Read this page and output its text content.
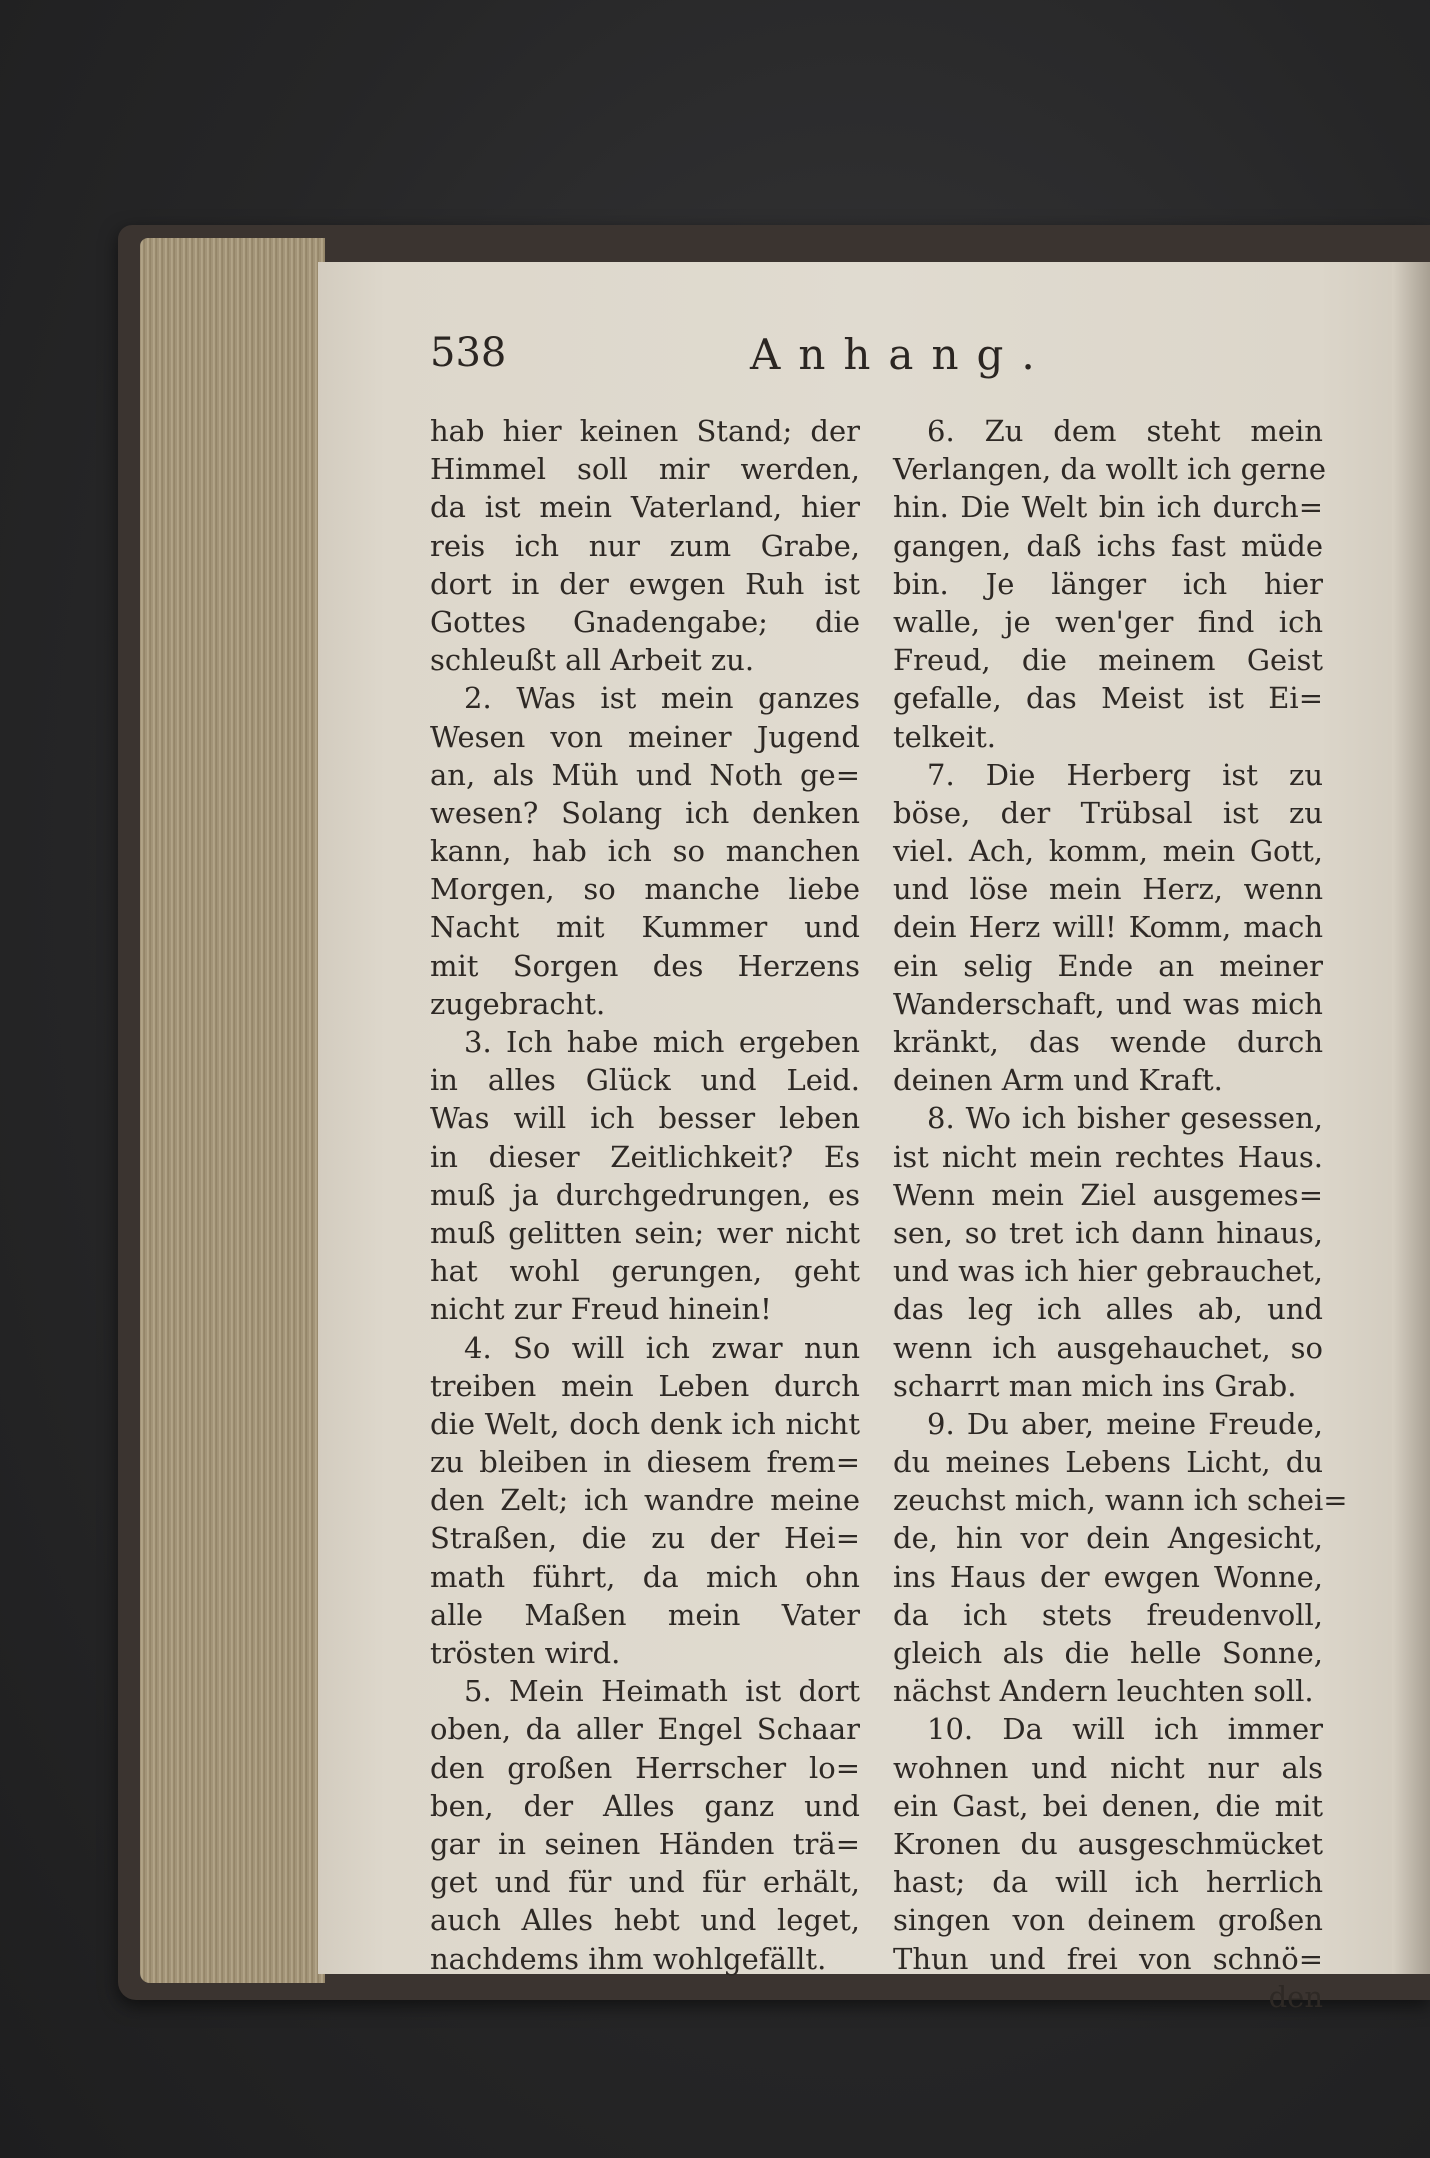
538	Anhang.
hab hier keinen Stand; der
Himmel soll mir werden,
da ist mein Vaterland, hier
reis ich nur zum Grabe,
dort in der ewgen Ruh ist
Gottes Gnadengabe; die
schleußt all Arbeit zu.
2. Was ist mein ganzes
Wesen von meiner Jugend
an, als Müh und Noth ge=
wesen? Solang ich denken
kann, hab ich so manchen
Morgen, so manche liebe
Nacht mit Kummer und
mit Sorgen des Herzens
zugebracht.
3. Ich habe mich ergeben
in alles Glück und Leid.
Was will ich besser leben
in dieser Zeitlichkeit? Es
muß ja durchgedrungen, es
muß gelitten sein; wer nicht
hat wohl gerungen, geht
nicht zur Freud hinein!
4. So will ich zwar nun
treiben mein Leben durch
die Welt, doch denk ich nicht
zu bleiben in diesem frem=
den Zelt; ich wandre meine
Straßen, die zu der Hei=
math führt, da mich ohn
alle Maßen mein Vater
trösten wird.
5. Mein Heimath ist dort
oben, da aller Engel Schaar
den großen Herrscher lo=
ben, der Alles ganz und
gar in seinen Händen trä=
get und für und für erhält,
auch Alles hebt und leget,
nachdems ihm wohlgefällt.
6. Zu dem steht mein
Verlangen, da wollt ich gerne
hin. Die Welt bin ich durch=
gangen, daß ichs fast müde
bin. Je länger ich hier
walle, je wen'ger find ich
Freud, die meinem Geist
gefalle, das Meist ist Ei=
telkeit.
7. Die Herberg ist zu
böse, der Trübsal ist zu
viel. Ach, komm, mein Gott,
und löse mein Herz, wenn
dein Herz will! Komm, mach
ein selig Ende an meiner
Wanderschaft, und was mich
kränkt, das wende durch
deinen Arm und Kraft.
8. Wo ich bisher gesessen,
ist nicht mein rechtes Haus.
Wenn mein Ziel ausgemes=
sen, so tret ich dann hinaus,
und was ich hier gebrauchet,
das leg ich alles ab, und
wenn ich ausgehauchet, so
scharrt man mich ins Grab.
9. Du aber, meine Freude,
du meines Lebens Licht, du
zeuchst mich, wann ich schei=
de, hin vor dein Angesicht,
ins Haus der ewgen Wonne,
da ich stets freudenvoll,
gleich als die helle Sonne,
nächst Andern leuchten soll.
10. Da will ich immer
wohnen und nicht nur als
ein Gast, bei denen, die mit
Kronen du ausgeschmücket
hast; da will ich herrlich
singen von deinem großen
Thun und frei von schnö=
den
